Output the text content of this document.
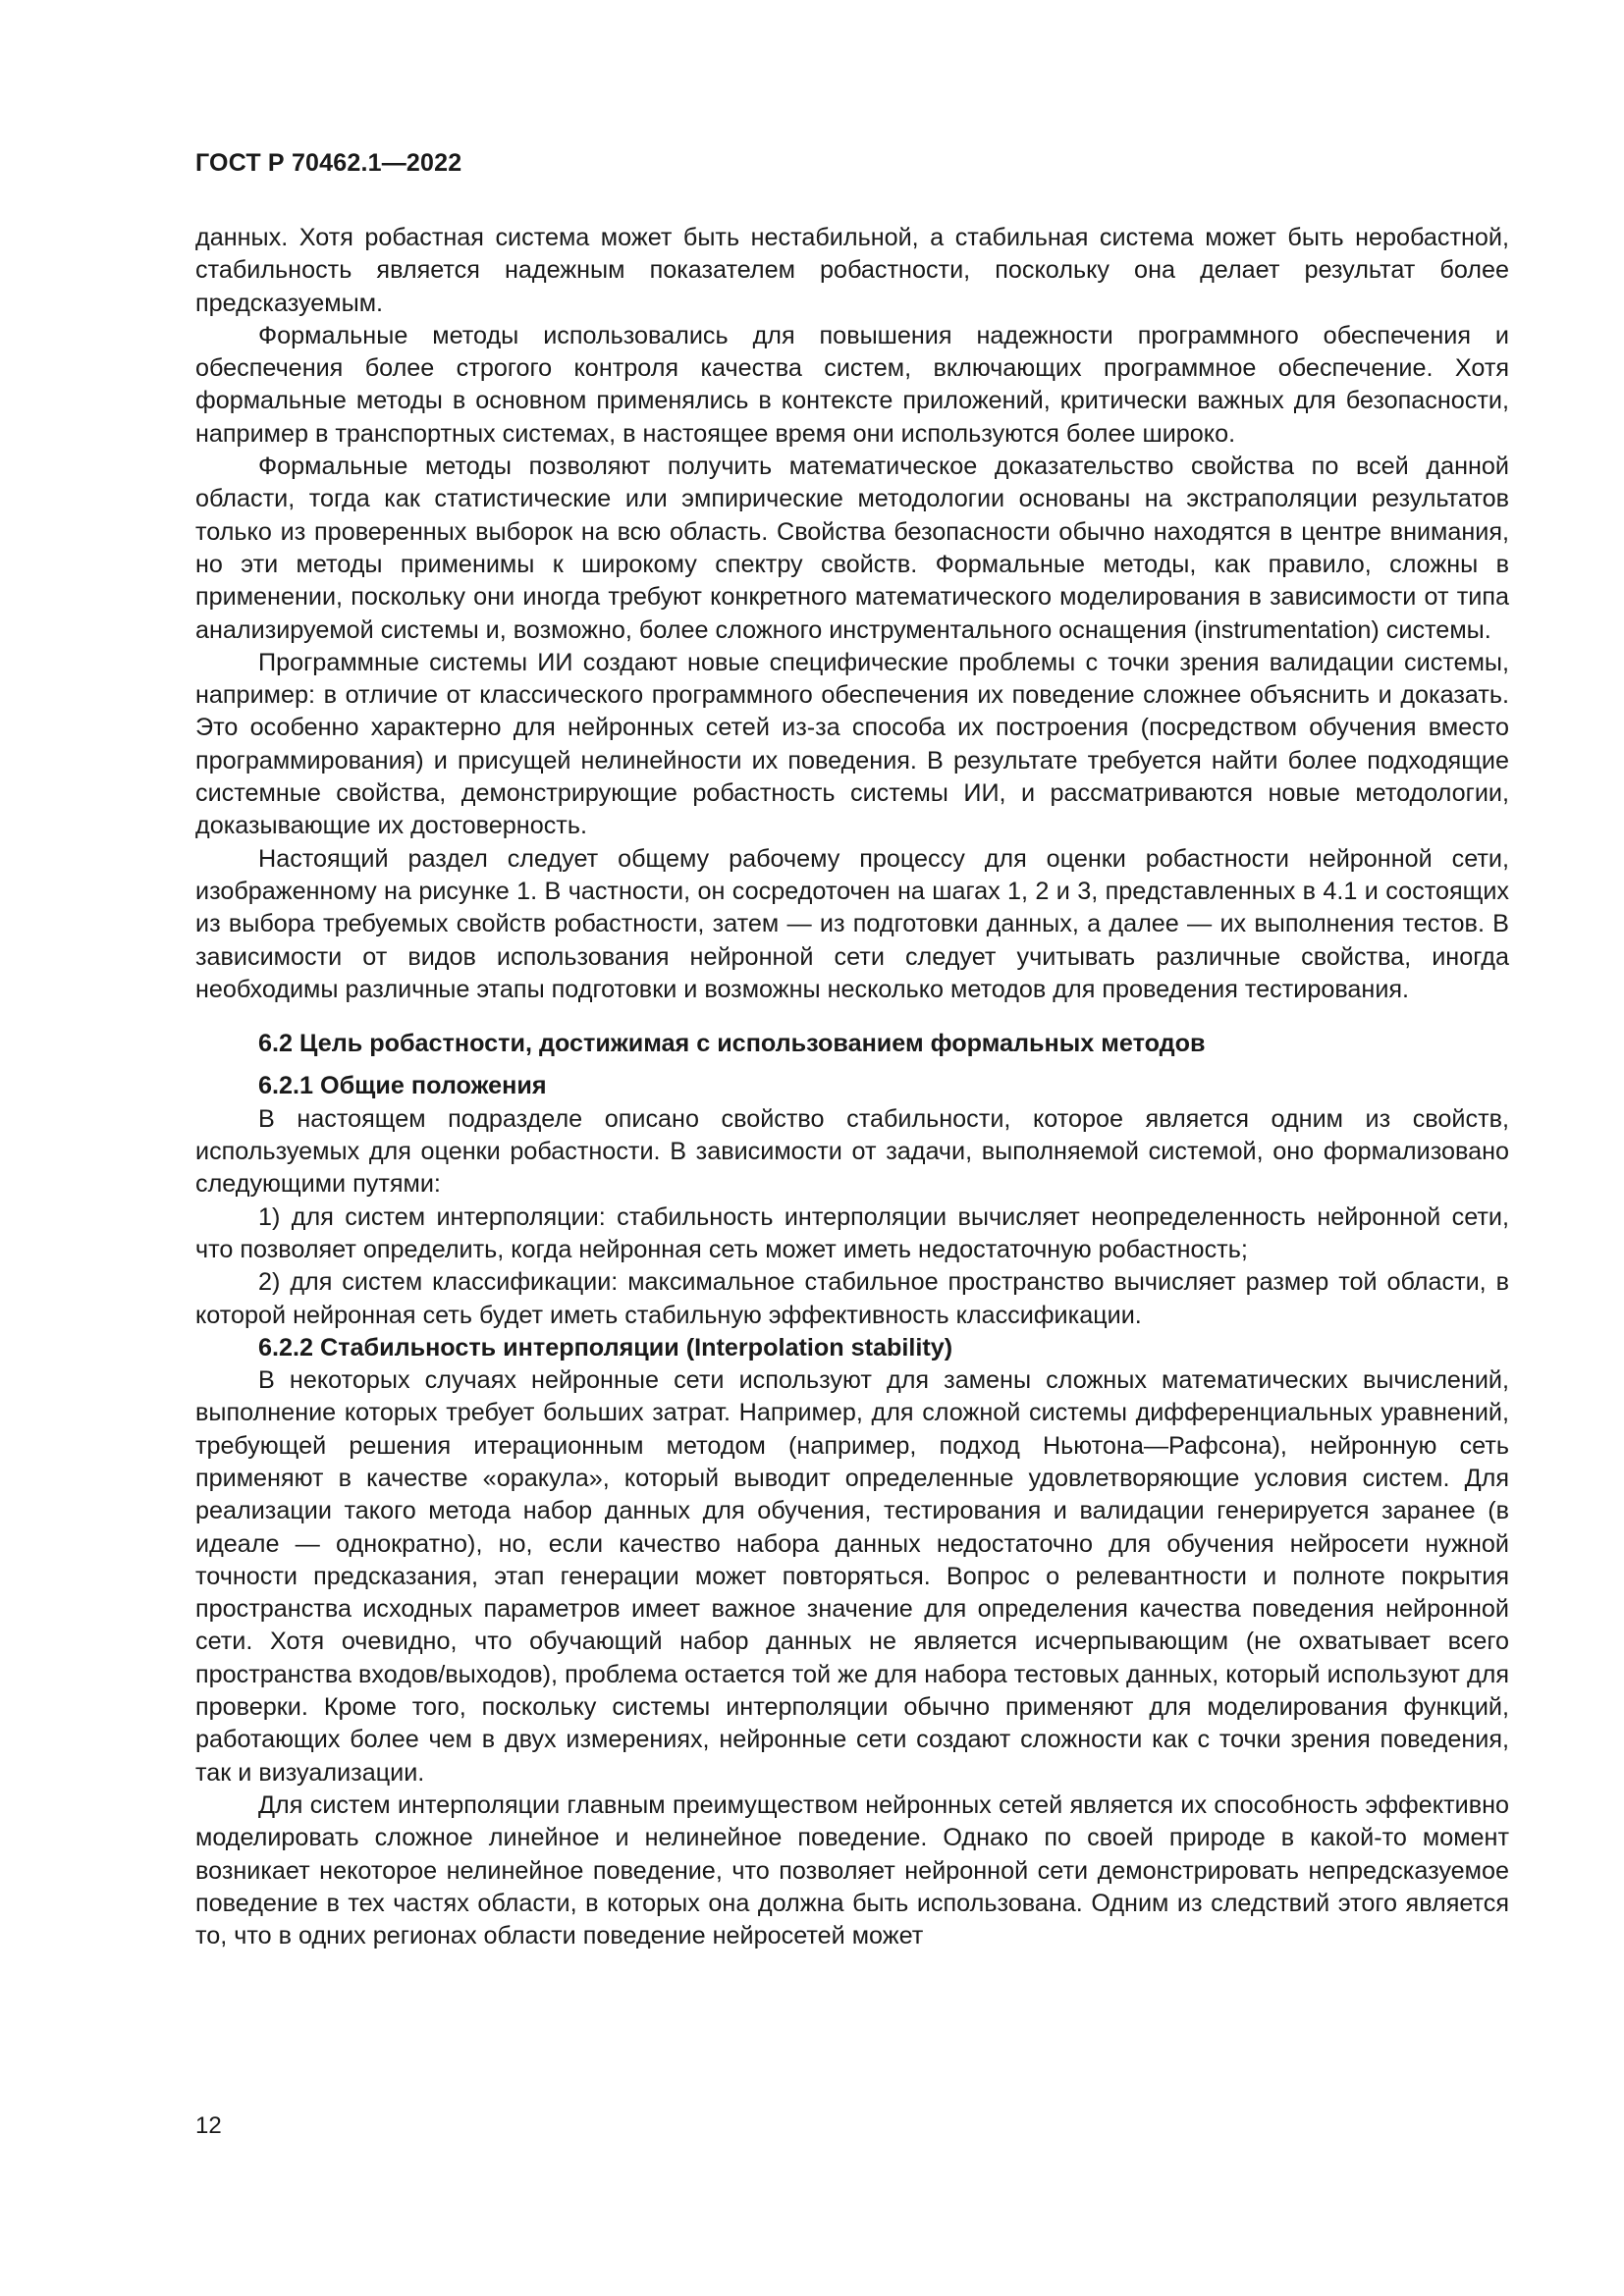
ГОСТ Р 70462.1—2022

данных. Хотя робастная система может быть нестабильной, а стабильная система может быть неробастной, стабильность является надежным показателем робастности, поскольку она делает результат более предсказуемым.

Формальные методы использовались для повышения надежности программного обеспечения и обеспечения более строгого контроля качества систем, включающих программное обеспечение. Хотя формальные методы в основном применялись в контексте приложений, критически важных для безопасности, например в транспортных системах, в настоящее время они используются более широко.

Формальные методы позволяют получить математическое доказательство свойства по всей данной области, тогда как статистические или эмпирические методологии основаны на экстраполяции результатов только из проверенных выборок на всю область. Свойства безопасности обычно находятся в центре внимания, но эти методы применимы к широкому спектру свойств. Формальные методы, как правило, сложны в применении, поскольку они иногда требуют конкретного математического моделирования в зависимости от типа анализируемой системы и, возможно, более сложного инструментального оснащения (instrumentation) системы.

Программные системы ИИ создают новые специфические проблемы с точки зрения валидации системы, например: в отличие от классического программного обеспечения их поведение сложнее объяснить и доказать. Это особенно характерно для нейронных сетей из-за способа их построения (посредством обучения вместо программирования) и присущей нелинейности их поведения. В результате требуется найти более подходящие системные свойства, демонстрирующие робастность системы ИИ, и рассматриваются новые методологии, доказывающие их достоверность.

Настоящий раздел следует общему рабочему процессу для оценки робастности нейронной сети, изображенному на рисунке 1. В частности, он сосредоточен на шагах 1, 2 и 3, представленных в 4.1 и состоящих из выбора требуемых свойств робастности, затем — из подготовки данных, а далее — их выполнения тестов. В зависимости от видов использования нейронной сети следует учитывать различные свойства, иногда необходимы различные этапы подготовки и возможны несколько методов для проведения тестирования.

6.2 Цель робастности, достижимая с использованием формальных методов
6.2.1 Общие положения

В настоящем подразделе описано свойство стабильности, которое является одним из свойств, используемых для оценки робастности. В зависимости от задачи, выполняемой системой, оно формализовано следующими путями:

1) для систем интерполяции: стабильность интерполяции вычисляет неопределенность нейронной сети, что позволяет определить, когда нейронная сеть может иметь недостаточную робастность;

2) для систем классификации: максимальное стабильное пространство вычисляет размер той области, в которой нейронная сеть будет иметь стабильную эффективность классификации.

6.2.2 Стабильность интерполяции (Interpolation stability)

В некоторых случаях нейронные сети используют для замены сложных математических вычислений, выполнение которых требует больших затрат. Например, для сложной системы дифференциальных уравнений, требующей решения итерационным методом (например, подход Ньютона—Рафсона), нейронную сеть применяют в качестве «оракула», который выводит определенные удовлетворяющие условия систем. Для реализации такого метода набор данных для обучения, тестирования и валидации генерируется заранее (в идеале — однократно), но, если качество набора данных недостаточно для обучения нейросети нужной точности предсказания, этап генерации может повторяться. Вопрос о релевантности и полноте покрытия пространства исходных параметров имеет важное значение для определения качества поведения нейронной сети. Хотя очевидно, что обучающий набор данных не является исчерпывающим (не охватывает всего пространства входов/выходов), проблема остается той же для набора тестовых данных, который используют для проверки. Кроме того, поскольку системы интерполяции обычно применяют для моделирования функций, работающих более чем в двух измерениях, нейронные сети создают сложности как с точки зрения поведения, так и визуализации.

Для систем интерполяции главным преимуществом нейронных сетей является их способность эффективно моделировать сложное линейное и нелинейное поведение. Однако по своей природе в какой-то момент возникает некоторое нелинейное поведение, что позволяет нейронной сети демонстрировать непредсказуемое поведение в тех частях области, в которых она должна быть использована. Одним из следствий этого является то, что в одних регионах области поведение нейросетей может

12
